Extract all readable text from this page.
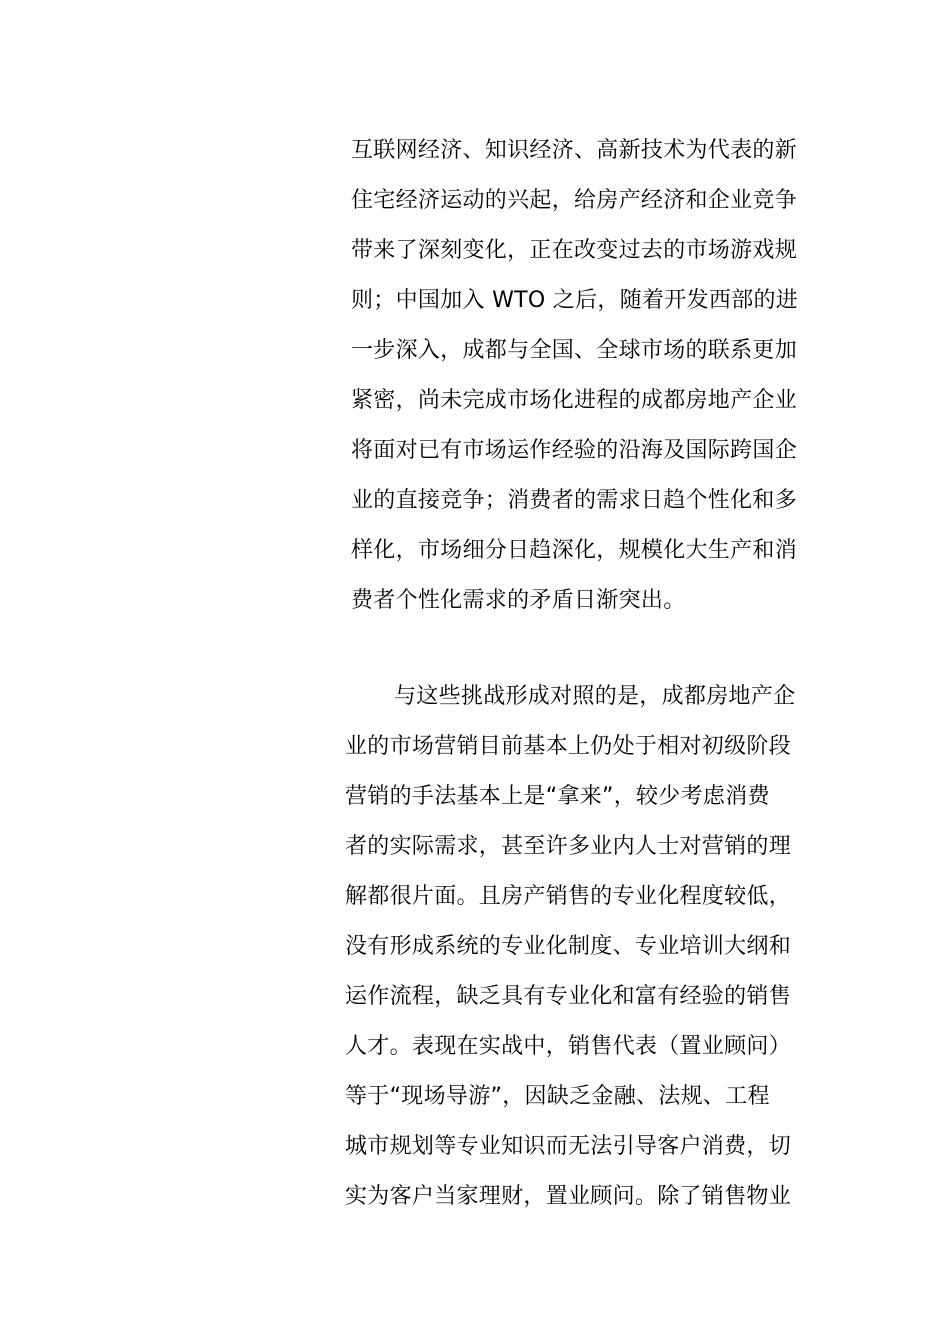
互联网经济、知识经济、高新技术为代表的新
住宅经济运动的兴起，给房产经济和企业竞争
带来了深刻变化，正在改变过去的市场游戏规
则；中国加入 WTO 之后，随着开发西部的进
一步深入，成都与全国、全球市场的联系更加
紧密，尚未完成市场化进程的成都房地产企业
将面对已有市场运作经验的沿海及国际跨国企
业的直接竞争；消费者的需求日趋个性化和多
样化，市场细分日趋深化，规模化大生产和消
费者个性化需求的矛盾日渐突出。
与这些挑战形成对照的是，成都房地产企
业的市场营销目前基本上仍处于相对初级阶段
营销的手法基本上是“拿来”，较少考虑消费
者的实际需求，甚至许多业内人士对营销的理
解都很片面。且房产销售的专业化程度较低，
没有形成系统的专业化制度、专业培训大纲和
运作流程，缺乏具有专业化和富有经验的销售
人才。表现在实战中，销售代表（置业顾问）
等于“现场导游”，因缺乏金融、法规、工程
城市规划等专业知识而无法引导客户消费，切
实为客户当家理财，置业顾问。除了销售物业
